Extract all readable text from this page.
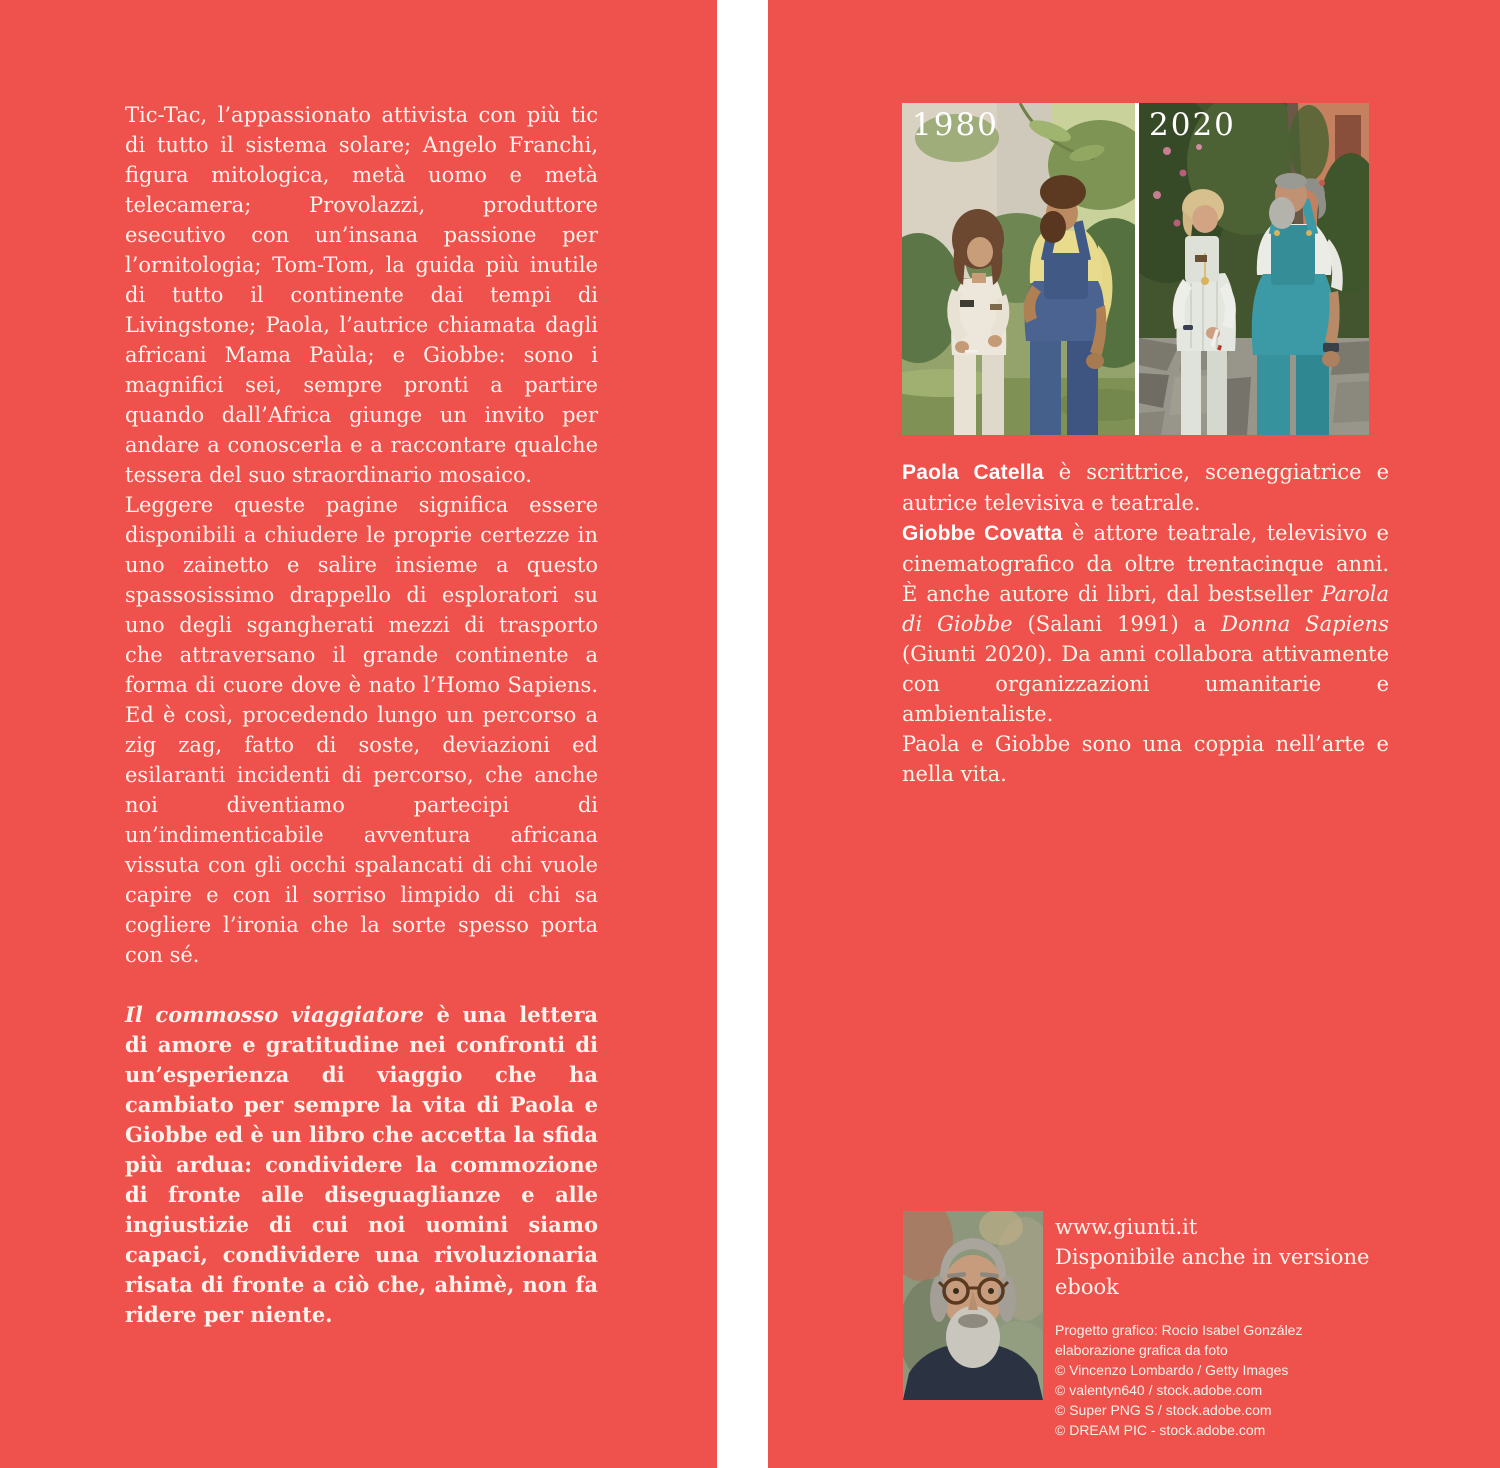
Tic-Tac, l’appassionato attivista con più tic di tutto il sistema solare; Angelo Franchi, figura mitologica, metà uomo e metà telecamera; Provolazzi, produttore esecutivo con un’insana passione per l’ornitologia; Tom-Tom, la guida più inutile di tutto il continente dai tempi di Livingstone; Paola, l’autrice chiamata dagli africani Mama Paùla; e Giobbe: sono i magnifici sei, sempre pronti a partire quando dall’Africa giunge un invito per andare a conoscerla e a raccontare qualche tessera del suo straordinario mosaico.

Leggere queste pagine significa essere disponibili a chiudere le proprie certezze in uno zainetto e salire insieme a questo spassosissimo drappello di esploratori su uno degli sgangherati mezzi di trasporto che attraversano il grande continente a forma di cuore dove è nato l’Homo Sapiens. Ed è così, procedendo lungo un percorso a zig zag, fatto di soste, deviazioni ed esilaranti incidenti di percorso, che anche noi diventiamo partecipi di un’indimenticabile avventura africana vissuta con gli occhi spalancati di chi vuole capire e con il sorriso limpido di chi sa cogliere l’ironia che la sorte spesso porta con sé.

Il commosso viaggiatore è una lettera di amore e gratitudine nei confronti di un’esperienza di viaggio che ha cambiato per sempre la vita di Paola e Giobbe ed è un libro che accetta la sfida più ardua: condividere la commozione di fronte alle diseguaglianze e alle ingiustizie di cui noi uomini siamo capaci, condividere una rivoluzionaria risata di fronte a ciò che, ahimè, non fa ridere per niente.

1980	2020

Paola Catella è scrittrice, sceneggiatrice e autrice televisiva e teatrale.

Giobbe Covatta è attore teatrale, televisivo e cinematografico da oltre trentacinque anni. È anche autore di libri, dal bestseller Parola di Giobbe (Salani 1991) a Donna Sapiens (Giunti 2020). Da anni collabora attivamente con organizzazioni umanitarie e ambientaliste.

Paola e Giobbe sono una coppia nell’arte e nella vita.

www.giunti.it
Disponibile anche in versione ebook
Progetto grafico: Rocío Isabel González
elaborazione grafica da foto
© Vincenzo Lombardo / Getty Images
© valentyn640 / stock.adobe.com
© Super PNG S / stock.adobe.com
© DREAM PIC - stock.adobe.com
